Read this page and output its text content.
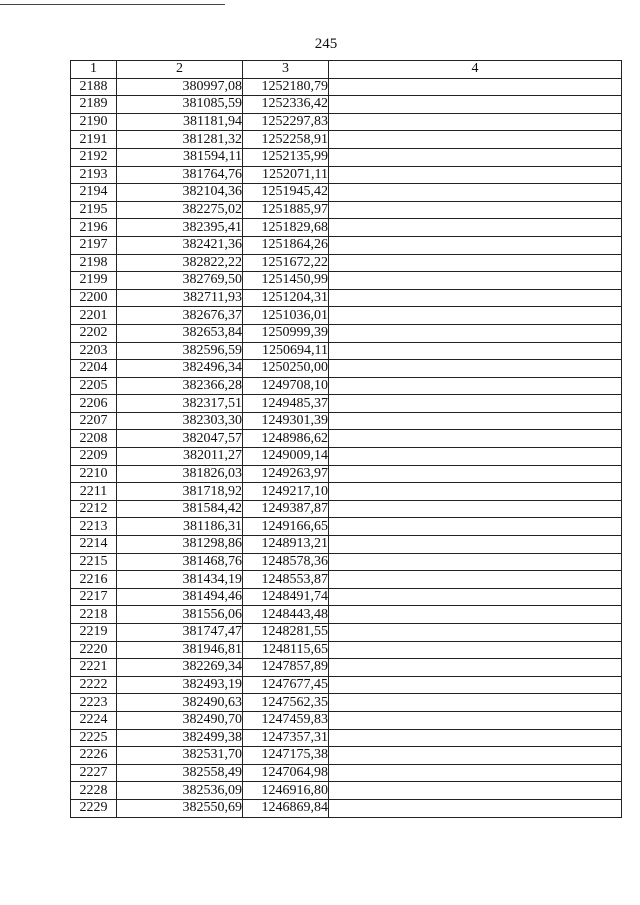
245
1	2	3	4
2188	380997,08	1252180,79	
2189	381085,59	1252336,42	
2190	381181,94	1252297,83	
2191	381281,32	1252258,91	
2192	381594,11	1252135,99	
2193	381764,76	1252071,11	
2194	382104,36	1251945,42	
2195	382275,02	1251885,97	
2196	382395,41	1251829,68	
2197	382421,36	1251864,26	
2198	382822,22	1251672,22	
2199	382769,50	1251450,99	
2200	382711,93	1251204,31	
2201	382676,37	1251036,01	
2202	382653,84	1250999,39	
2203	382596,59	1250694,11	
2204	382496,34	1250250,00	
2205	382366,28	1249708,10	
2206	382317,51	1249485,37	
2207	382303,30	1249301,39	
2208	382047,57	1248986,62	
2209	382011,27	1249009,14	
2210	381826,03	1249263,97	
2211	381718,92	1249217,10	
2212	381584,42	1249387,87	
2213	381186,31	1249166,65	
2214	381298,86	1248913,21	
2215	381468,76	1248578,36	
2216	381434,19	1248553,87	
2217	381494,46	1248491,74	
2218	381556,06	1248443,48	
2219	381747,47	1248281,55	
2220	381946,81	1248115,65	
2221	382269,34	1247857,89	
2222	382493,19	1247677,45	
2223	382490,63	1247562,35	
2224	382490,70	1247459,83	
2225	382499,38	1247357,31	
2226	382531,70	1247175,38	
2227	382558,49	1247064,98	
2228	382536,09	1246916,80	
2229	382550,69	1246869,84	
